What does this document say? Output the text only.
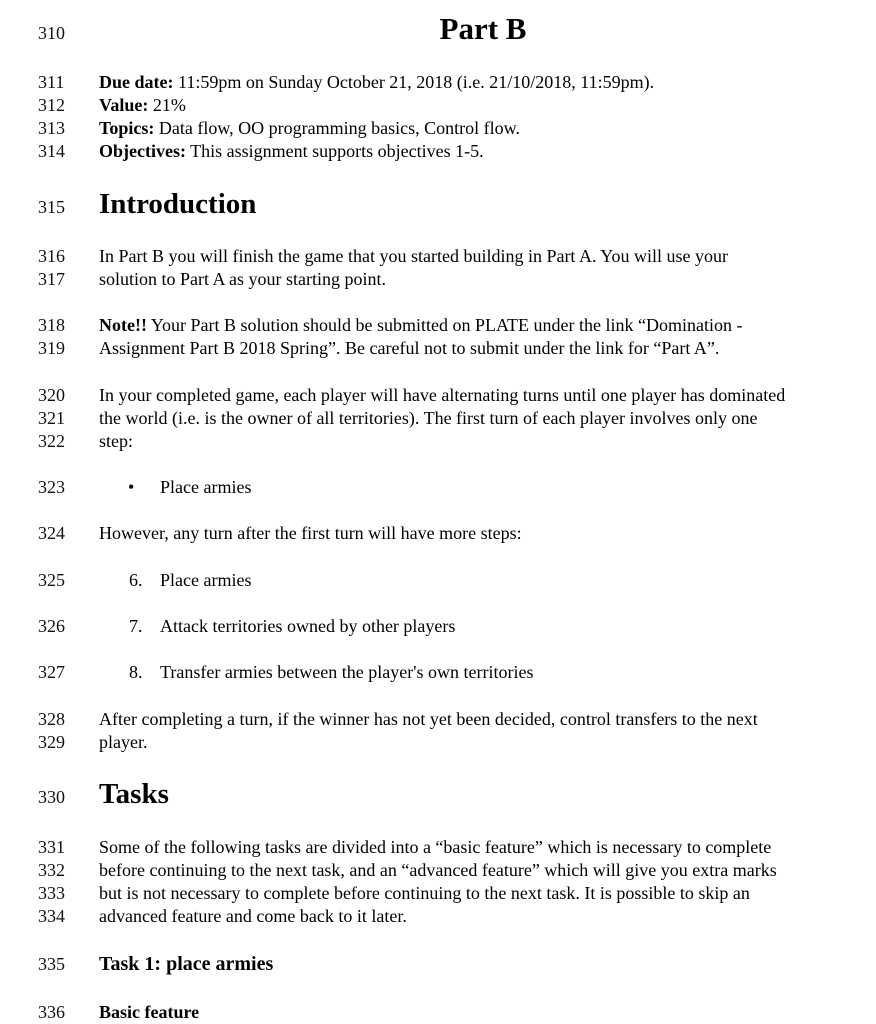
310
311
312
313
314
315
316
317
318
319
320
321
322
323
324
325
326
327
328
329
330
331
332
333
334
335
336
Part B
Due date: 11:59pm on Sunday October 21, 2018 (i.e. 21/10/2018, 11:59pm).
Value: 21%
Topics: Data flow, OO programming basics, Control flow.
Objectives: This assignment supports objectives 1-5.
Introduction
In Part B you will finish the game that you started building in Part A. You will use your
solution to Part A as your starting point.
Note!! Your Part B solution should be submitted on PLATE under the link “Domination -
Assignment Part B 2018 Spring”. Be careful not to submit under the link for “Part A”.
In your completed game, each player will have alternating turns until one player has dominated
the world (i.e. is the owner of all territories). The first turn of each player involves only one
step:
• Place armies
However, any turn after the first turn will have more steps:
6. Place armies
7. Attack territories owned by other players
8. Transfer armies between the player's own territories
After completing a turn, if the winner has not yet been decided, control transfers to the next
player.
Tasks
Some of the following tasks are divided into a “basic feature” which is necessary to complete
before continuing to the next task, and an “advanced feature” which will give you extra marks
but is not necessary to complete before continuing to the next task. It is possible to skip an
advanced feature and come back to it later.
Task 1: place armies
Basic feature
